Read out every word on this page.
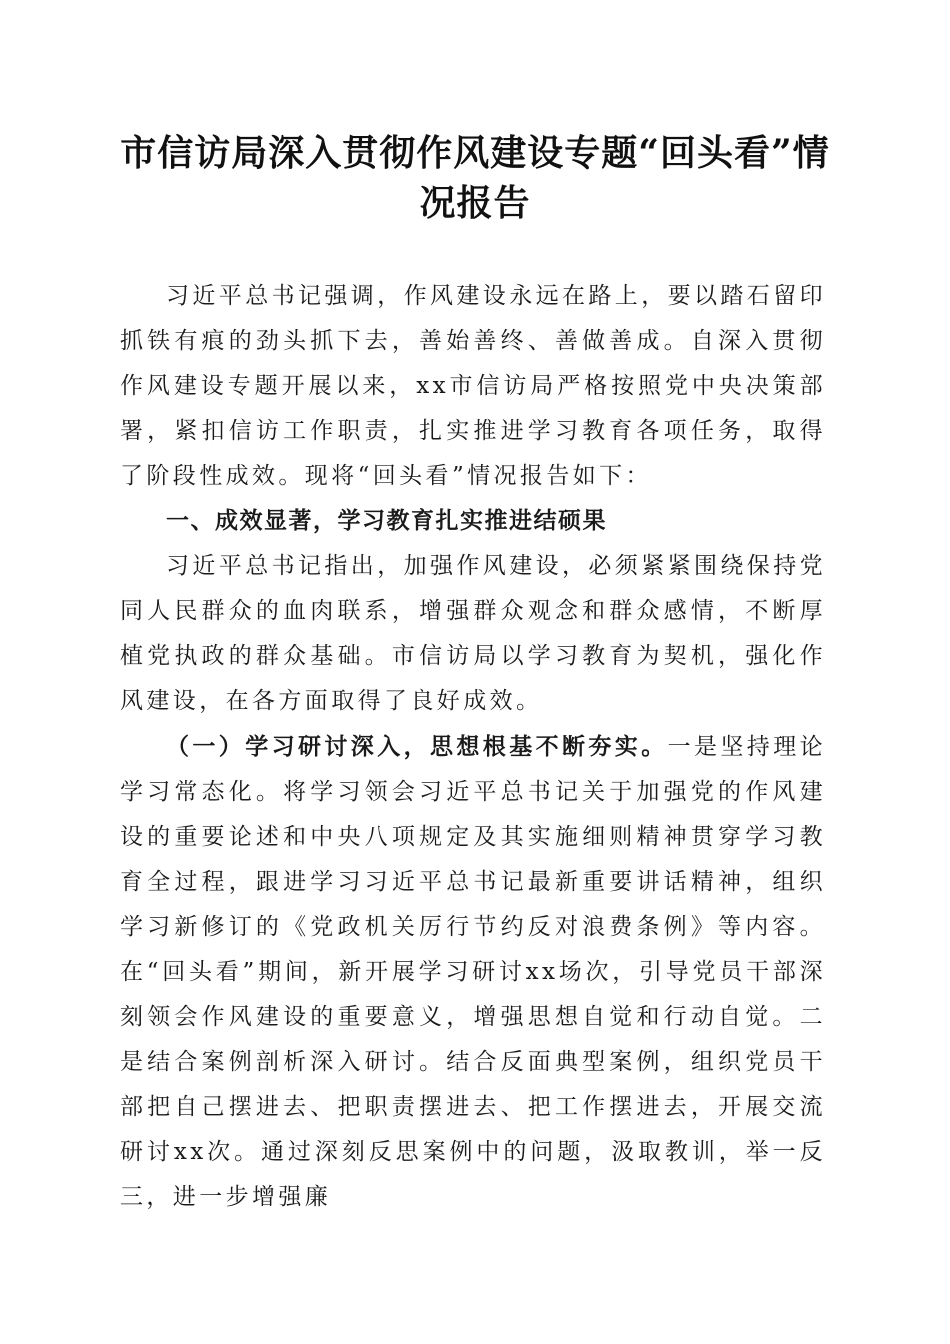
市信访局深入贯彻作风建设专题“回头看”情况报告

习近平总书记强调，作风建设永远在路上，要以踏石留印抓铁有痕的劲头抓下去，善始善终、善做善成。自深入贯彻作风建设专题开展以来，xx市信访局严格按照党中央决策部署，紧扣信访工作职责，扎实推进学习教育各项任务，取得了阶段性成效。现将“回头看”情况报告如下：

一、成效显著，学习教育扎实推进结硕果

习近平总书记指出，加强作风建设，必须紧紧围绕保持党同人民群众的血肉联系，增强群众观念和群众感情，不断厚植党执政的群众基础。市信访局以学习教育为契机，强化作风建设，在各方面取得了良好成效。

（一）学习研讨深入，思想根基不断夯实。一是坚持理论学习常态化。将学习领会习近平总书记关于加强党的作风建设的重要论述和中央八项规定及其实施细则精神贯穿学习教育全过程，跟进学习习近平总书记最新重要讲话精神，组织学习新修订的《党政机关厉行节约反对浪费条例》等内容。在“回头看”期间，新开展学习研讨xx场次，引导党员干部深刻领会作风建设的重要意义，增强思想自觉和行动自觉。二是结合案例剖析深入研讨。结合反面典型案例，组织党员干部把自己摆进去、把职责摆进去、把工作摆进去，开展交流研讨xx次。通过深刻反思案例中的问题，汲取教训，举一反三，进一步增强廉
